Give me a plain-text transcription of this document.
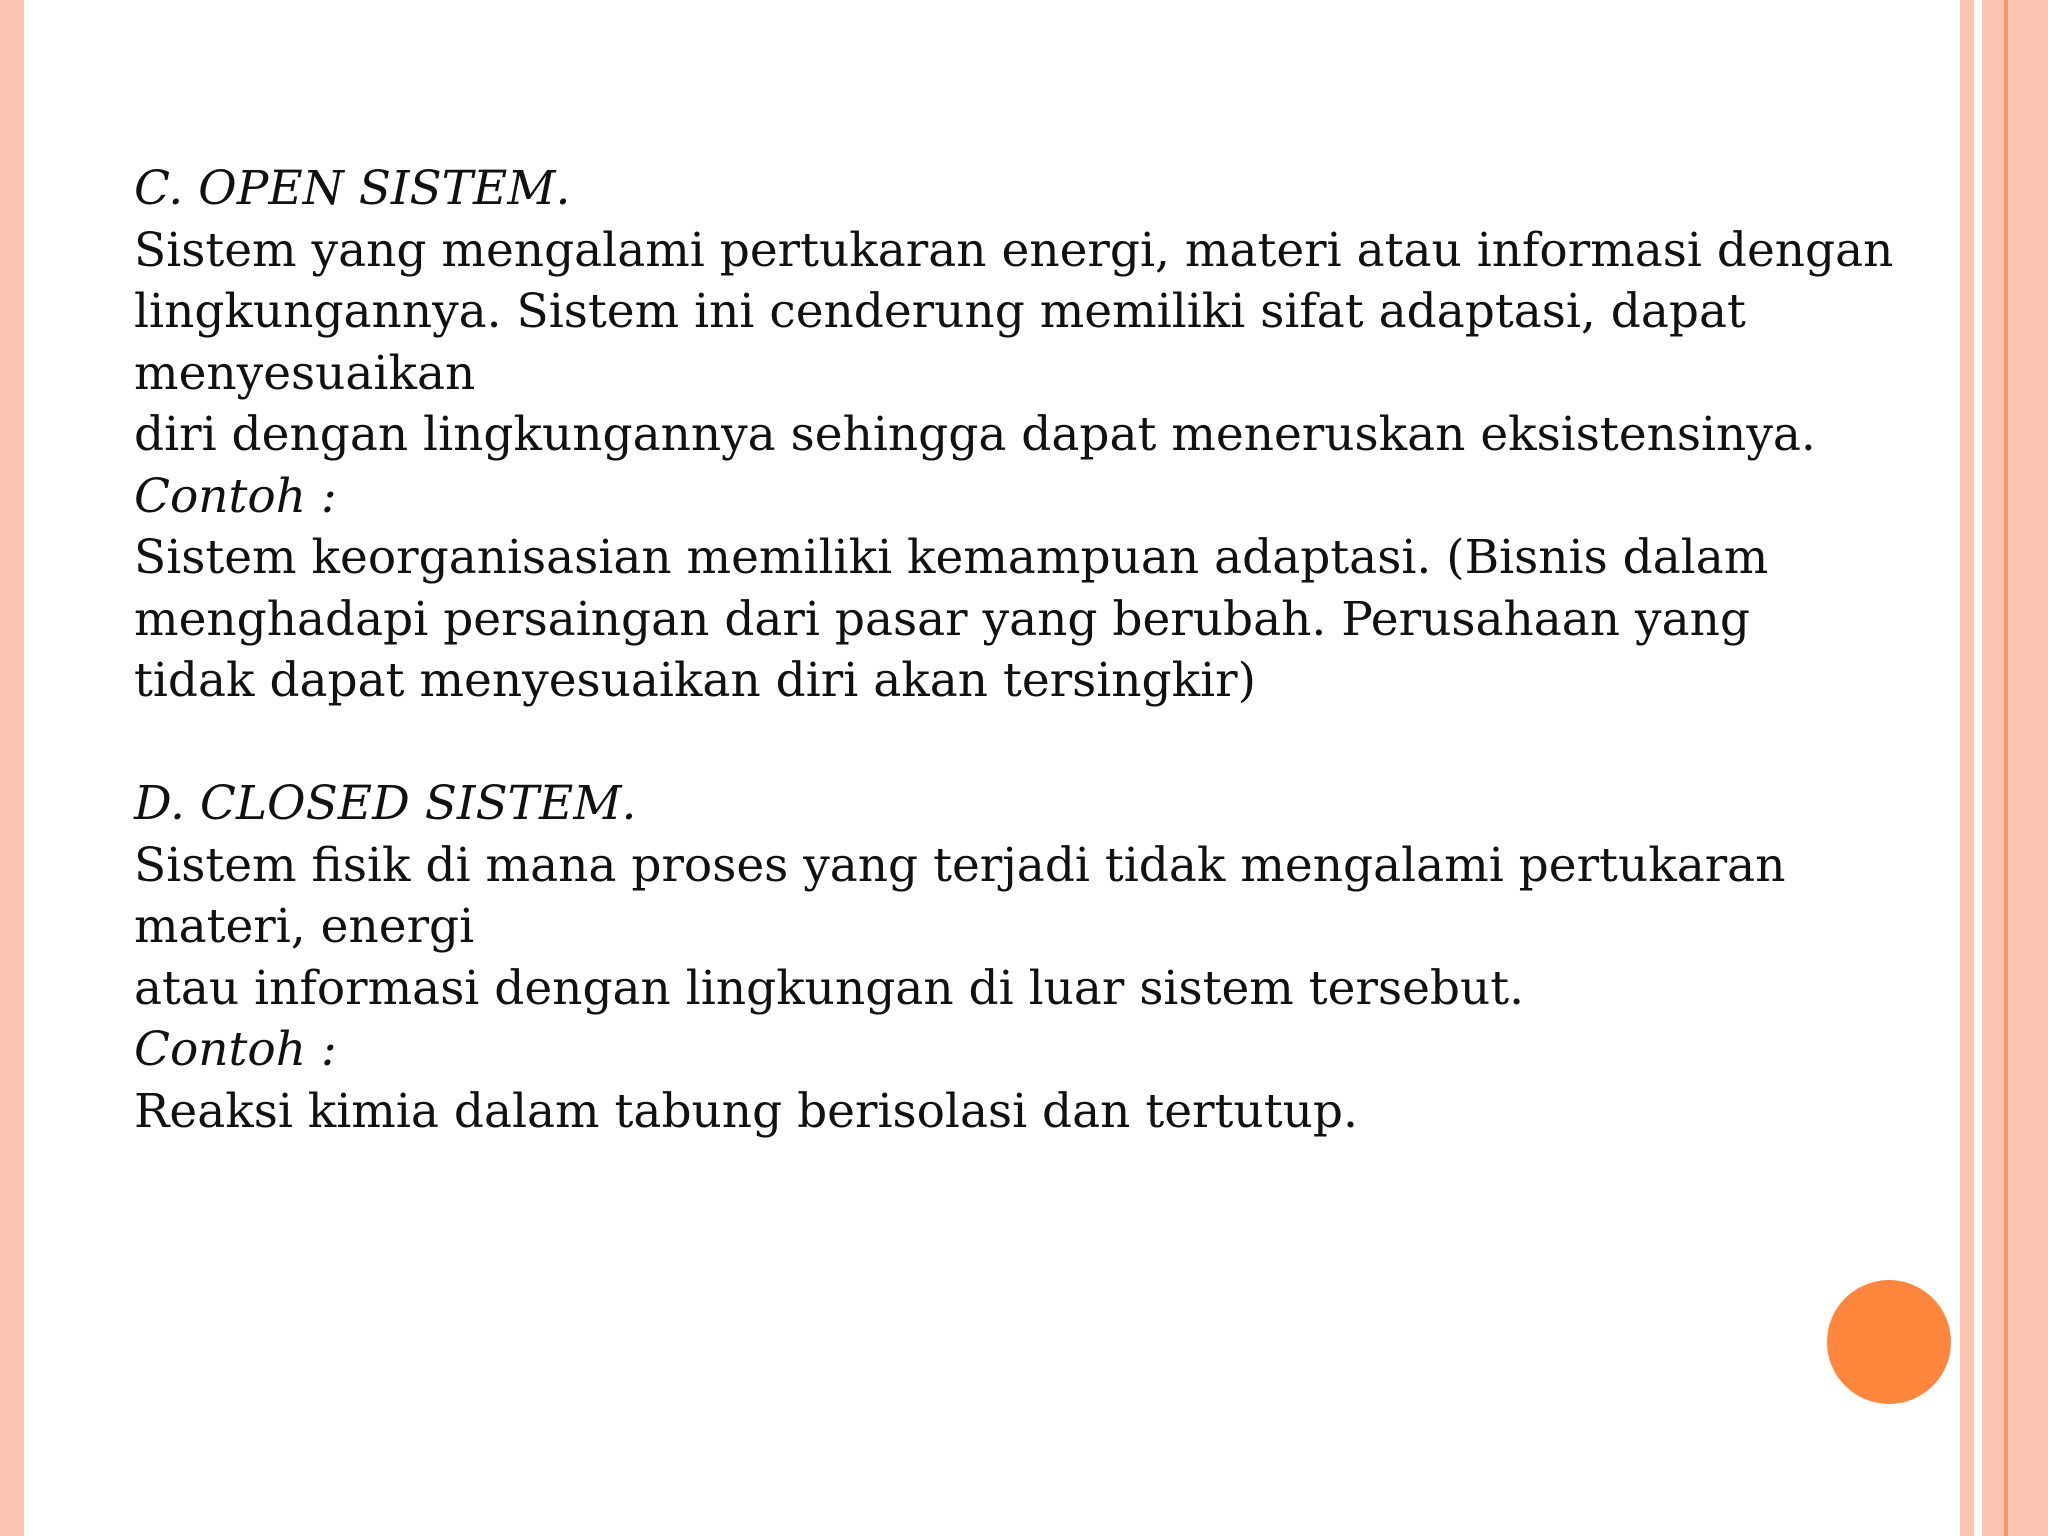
C. OPEN SISTEM.
Sistem yang mengalami pertukaran energi, materi atau informasi dengan
lingkungannya. Sistem ini cenderung memiliki sifat adaptasi, dapat
menyesuaikan
diri dengan lingkungannya sehingga dapat meneruskan eksistensinya.
Contoh :
Sistem keorganisasian memiliki kemampuan adaptasi. (Bisnis dalam
menghadapi persaingan dari pasar yang berubah. Perusahaan yang
tidak dapat menyesuaikan diri akan tersingkir)
D. CLOSED SISTEM.
Sistem fisik di mana proses yang terjadi tidak mengalami pertukaran
materi, energi
atau informasi dengan lingkungan di luar sistem tersebut.
Contoh :
Reaksi kimia dalam tabung berisolasi dan tertutup.
